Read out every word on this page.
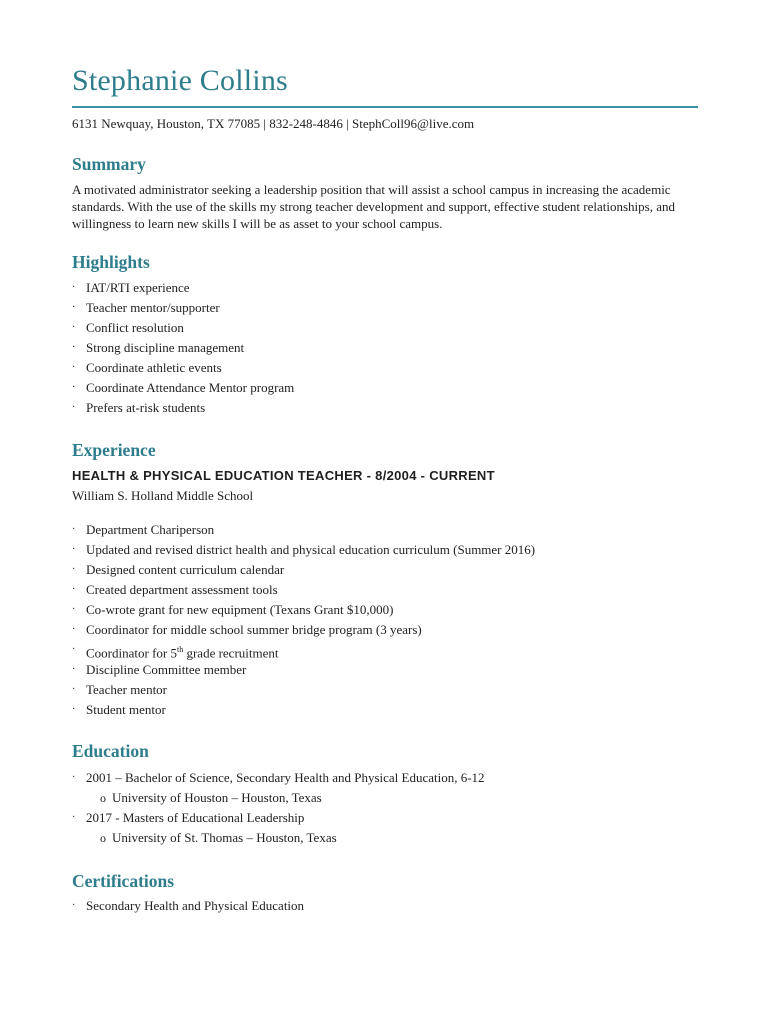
Stephanie Collins
6131 Newquay, Houston, TX 77085 | 832-248-4846 | StephColl96@live.com
Summary
A motivated administrator seeking a leadership position that will assist a school campus in increasing the academic standards. With the use of the skills my strong teacher development and support, effective student relationships, and willingness to learn new skills I will be as asset to your school campus.
Highlights
· IAT/RTI experience
· Teacher mentor/supporter
· Conflict resolution
· Strong discipline management
· Coordinate athletic events
· Coordinate Attendance Mentor program
· Prefers at-risk students
Experience
HEALTH & PHYSICAL EDUCATION TEACHER - 8/2004 - CURRENT
William S. Holland Middle School
· Department Chariperson
· Updated and revised district health and physical education curriculum (Summer 2016)
· Designed content curriculum calendar
· Created department assessment tools
· Co-wrote grant for new equipment (Texans Grant $10,000)
· Coordinator for middle school summer bridge program (3 years)
· Coordinator for 5th grade recruitment
· Discipline Committee member
· Teacher mentor
· Student mentor
Education
· 2001 – Bachelor of Science, Secondary Health and Physical Education, 6-12
o University of Houston – Houston, Texas
· 2017 - Masters of Educational Leadership
o University of St. Thomas – Houston, Texas
Certifications
· Secondary Health and Physical Education
